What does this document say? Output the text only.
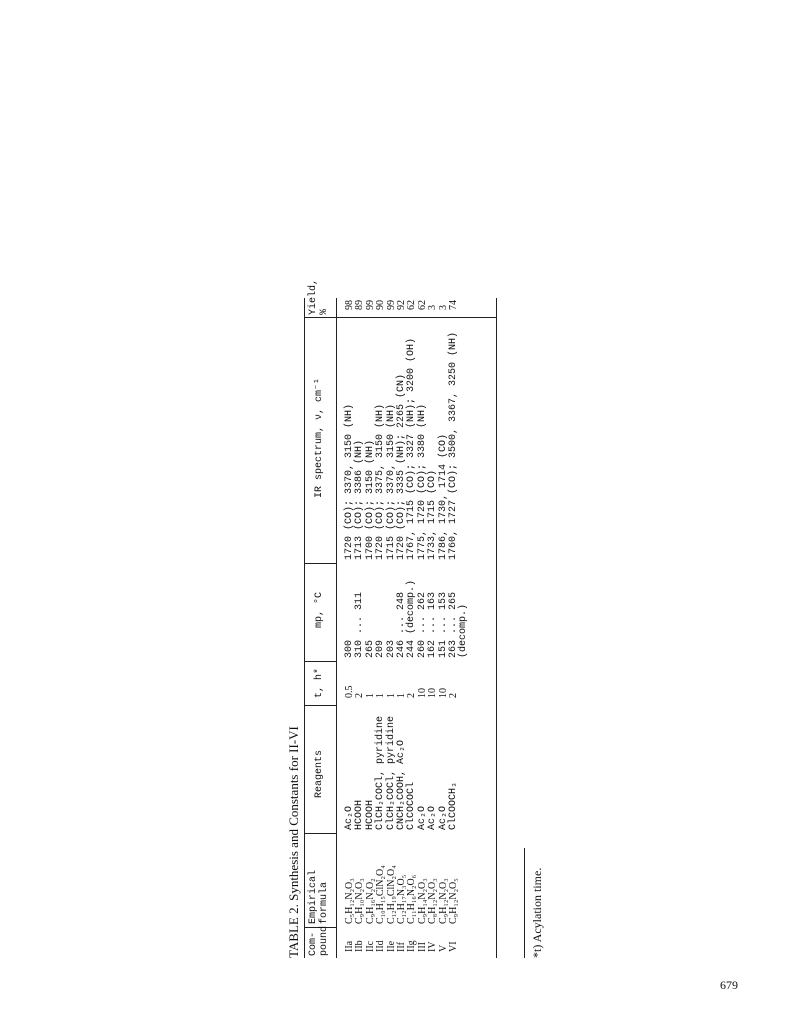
TABLE 2. Synthesis and Constants for II-VI Com-
pound
Empirical
formula
Reagents
t, h*
mp, °C
IR spectrum, ν, cm⁻¹
Yield,
%
IIa IIb IIc IId IIe IIf IIg III IV V VI
C₅H₁₂N₂O₃ C₉H₁₀N₂O₃ C₉H₁₆N₂O₂ C₁₀H₁₅ClN₂O₄ C₁₂H₁₉ClN₂O₄ C₁₂H₁₇N₃O₅ C₁₁H₁₆N₂O₆ C₉H₁₄N₂O₃ C₈H₁₂N₂O₃ C₉H₁₂N₂O₃ C₉H₁₂N₂O₅
Ac₂O HCOOH HCOOH ClCH₂COCl, pyridine ClCH₂COCl, pyridine CNCH₂COOH, Ac₂O ClCOCOCl Ac₂O Ac₂O Ac₂O ClCOOCH₃
0.5 2 1 1 1 1 2 10 10 10 2
300 310 ... 311 265 209 203 246 ... 248 244 (decomp.) 260 ... 262 162 ... 163 151 ... 153 263 ... 265 (decomp.)
1720 (CO); 3370, 3150 (NH) 1713 (CO); 3386 (NH) 1700 (CO); 3150 (NH) 1720 (CO); 3375, 3150 (NH) 1715 (CO); 3370, 3150 (NH) 1720 (CO); 3335 (NH); 2265 (CN) 1767, 1715 (CO); 3327 (NH); 3200 (OH) 1775, 1720 (CO); 3380 (NH) 1733, 1715 (CO) 1786, 1730, 1714 (CO) 1760, 1727 (CO); 3500, 3367, 3250 (NH)
98 89 99 90 99 92 62 62 3 3 74
*t) Acylation time.
679
